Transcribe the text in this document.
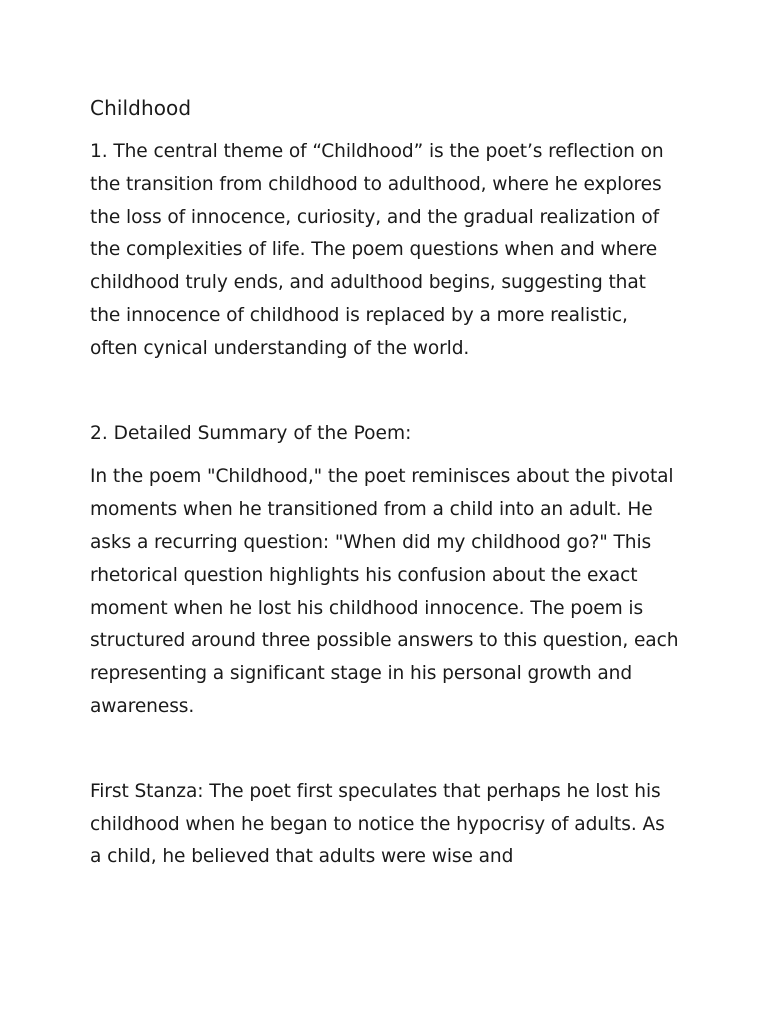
Childhood

1. The central theme of “Childhood” is the poet’s reflection on the transition from childhood to adulthood, where he explores the loss of innocence, curiosity, and the gradual realization of the complexities of life. The poem questions when and where childhood truly ends, and adulthood begins, suggesting that the innocence of childhood is replaced by a more realistic, often cynical understanding of the world.

2. Detailed Summary of the Poem:

In the poem "Childhood," the poet reminisces about the pivotal moments when he transitioned from a child into an adult. He asks a recurring question: "When did my childhood go?" This rhetorical question highlights his confusion about the exact moment when he lost his childhood innocence. The poem is structured around three possible answers to this question, each representing a significant stage in his personal growth and awareness.

First Stanza: The poet first speculates that perhaps he lost his childhood when he began to notice the hypocrisy of adults. As a child, he believed that adults were wise and
